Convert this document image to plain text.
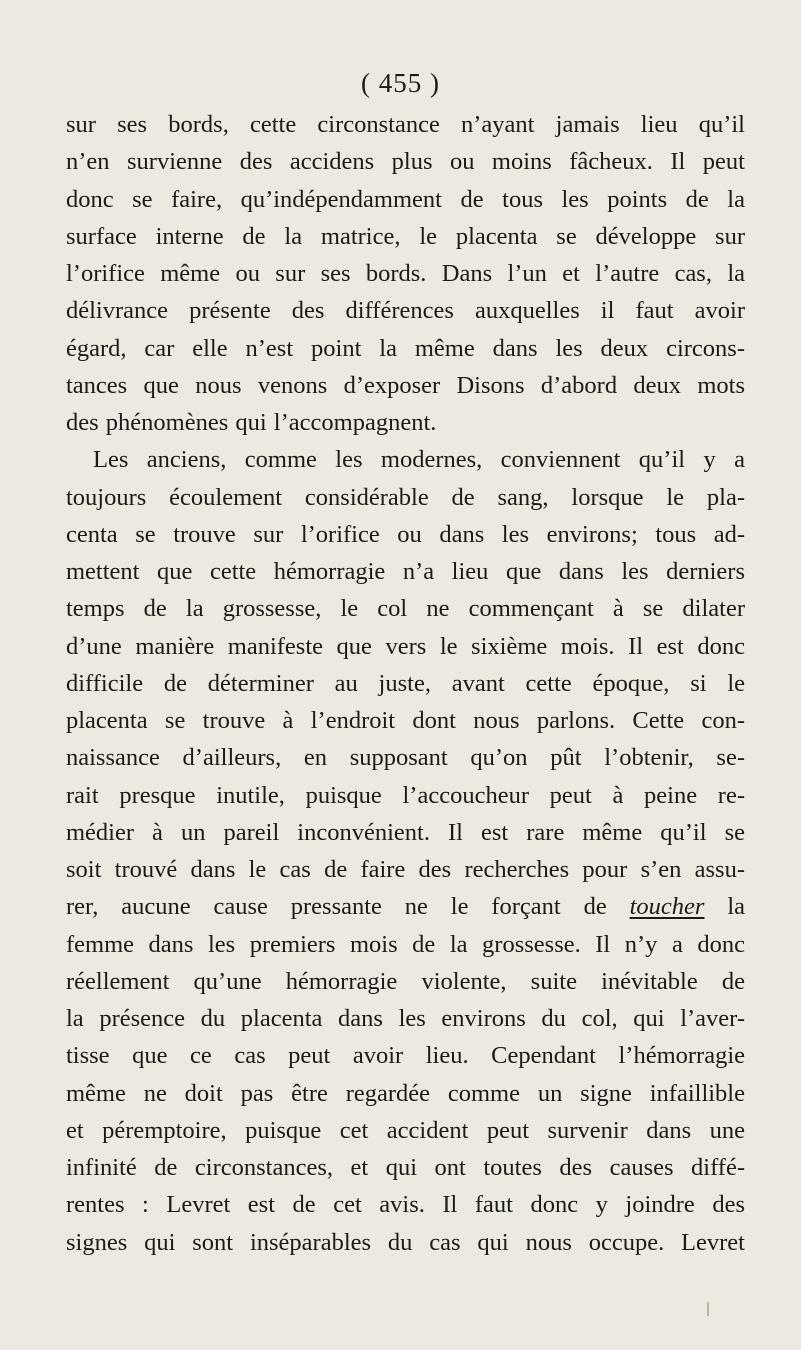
( 455 )
sur ses bords, cette circonstance n’ayant jamais lieu qu’il
n’en survienne des accidens plus ou moins fâcheux. Il peut
donc se faire, qu’indépendamment de tous les points de la
surface interne de la matrice, le placenta se développe sur
l’orifice même ou sur ses bords. Dans l’un et l’autre cas, la
délivrance présente des différences auxquelles il faut avoir
égard, car elle n’est point la même dans les deux circons-
tances que nous venons d’exposer Disons d’abord deux mots
des phénomènes qui l’accompagnent.
Les anciens, comme les modernes, conviennent qu’il y a
toujours écoulement considérable de sang, lorsque le pla-
centa se trouve sur l’orifice ou dans les environs; tous ad-
mettent que cette hémorragie n’a lieu que dans les derniers
temps de la grossesse, le col ne commençant à se dilater
d’une manière manifeste que vers le sixième mois. Il est donc
difficile de déterminer au juste, avant cette époque, si le
placenta se trouve à l’endroit dont nous parlons. Cette con-
naissance d’ailleurs, en supposant qu’on pût l’obtenir, se-
rait presque inutile, puisque l’accoucheur peut à peine re-
médier à un pareil inconvénient. Il est rare même qu’il se
soit trouvé dans le cas de faire des recherches pour s’en assu-
rer, aucune cause pressante ne le forçant de toucher la
femme dans les premiers mois de la grossesse. Il n’y a donc
réellement qu’une hémorragie violente, suite inévitable de
la présence du placenta dans les environs du col, qui l’aver-
tisse que ce cas peut avoir lieu. Cependant l’hémorragie
même ne doit pas être regardée comme un signe infaillible
et péremptoire, puisque cet accident peut survenir dans une
infinité de circonstances, et qui ont toutes des causes diffé-
rentes : Levret est de cet avis. Il faut donc y joindre des
signes qui sont inséparables du cas qui nous occupe. Levret
